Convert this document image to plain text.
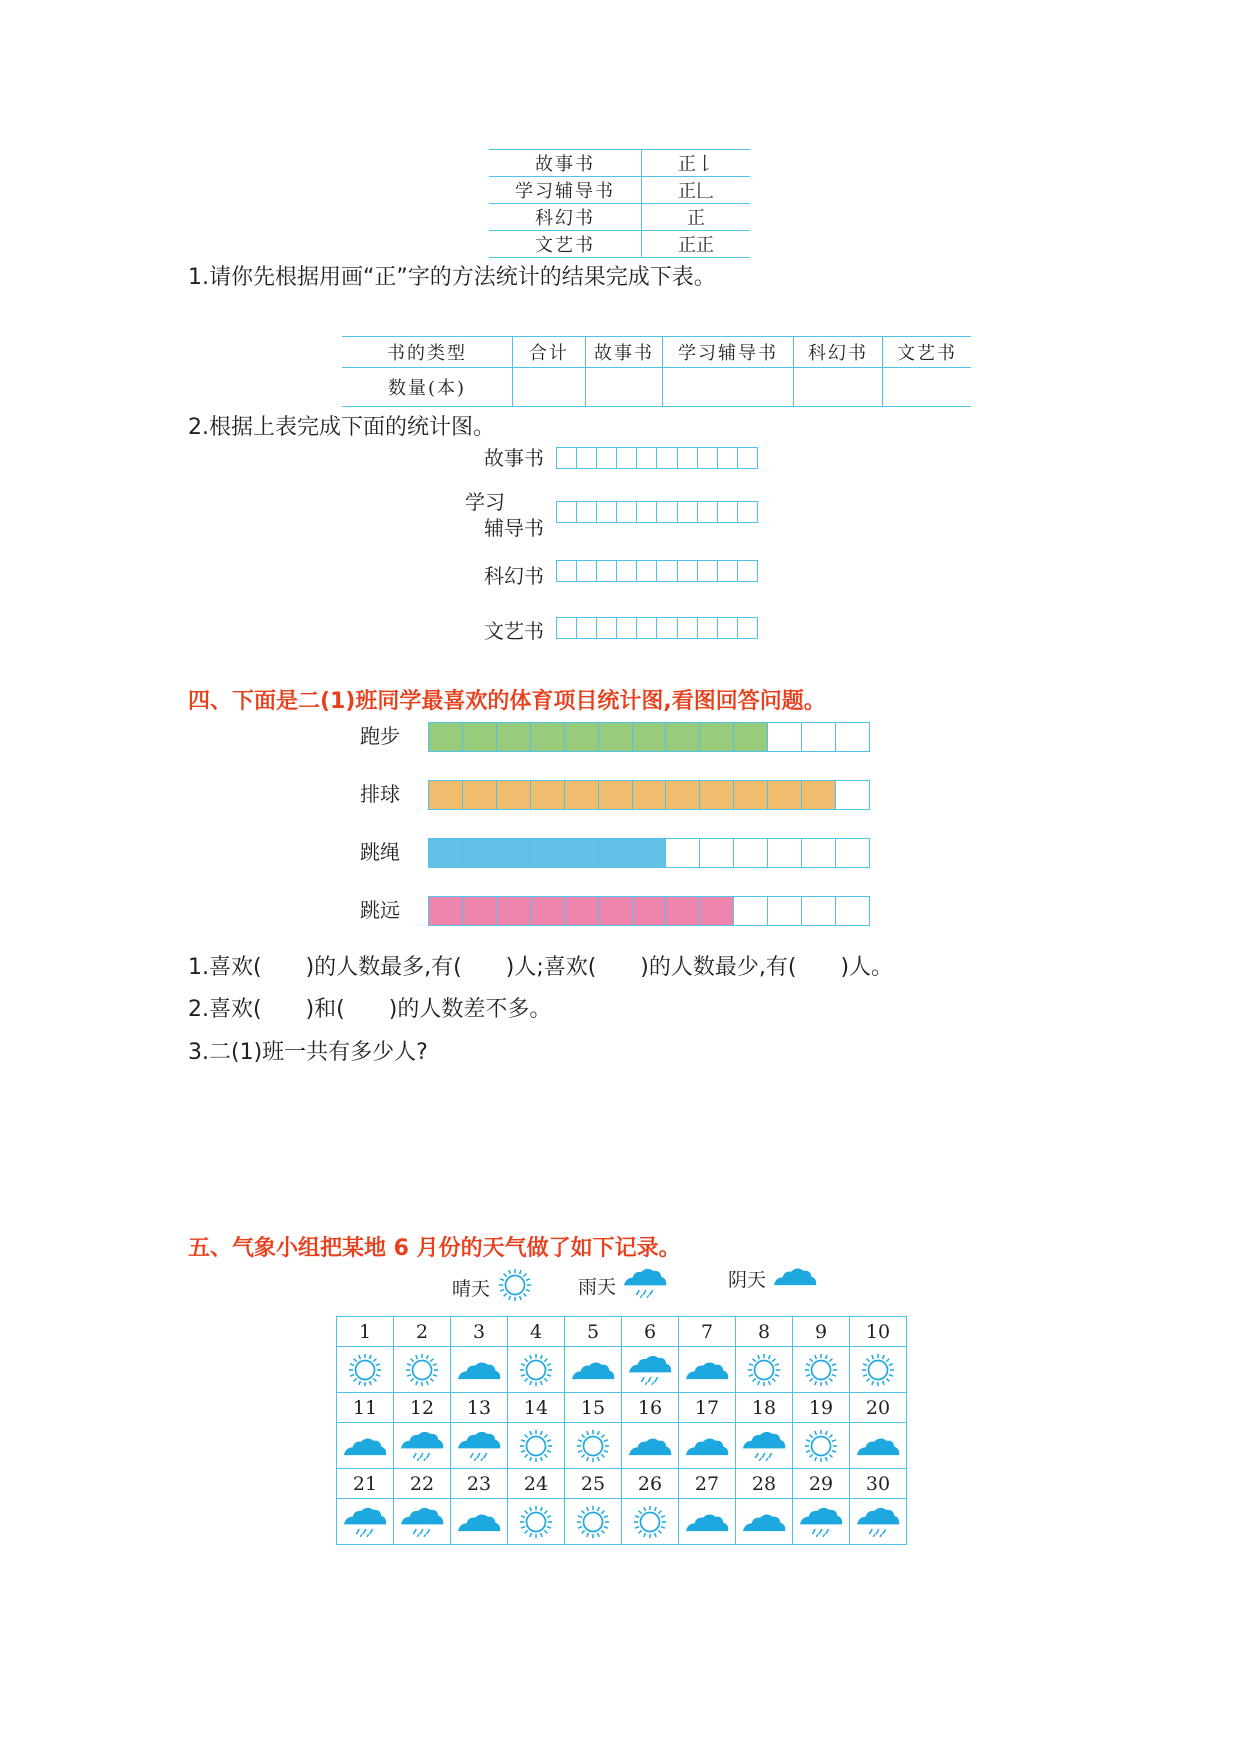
故事书	正𠄌
学习辅导书	正𠃊
科幻书	正
文艺书	正正
1.请你先根据用画“正”字的方法统计的结果完成下表。
书的类型	合计	故事书	学习辅导书	科幻书	文艺书
数量(本)					
2.根据上表完成下面的统计图。
故事书
学习
辅导书
科幻书
文艺书
四、下面是二(1)班同学最喜欢的体育项目统计图,看图回答问题。
跑步
排球
跳绳
跳远
1.喜欢(　　)的人数最多,有(　　)人;喜欢(　　)的人数最少,有(　　)人。
2.喜欢(　　)和(　　)的人数差不多。
3.二(1)班一共有多少人?
五、气象小组把某地 6 月份的天气做了如下记录。
晴天	雨天	阴天
1	2	3	4	5	6	7	8	9	10

11	12	13	14	15	16	17	18	19	20

21	22	23	24	25	26	27	28	29	30
